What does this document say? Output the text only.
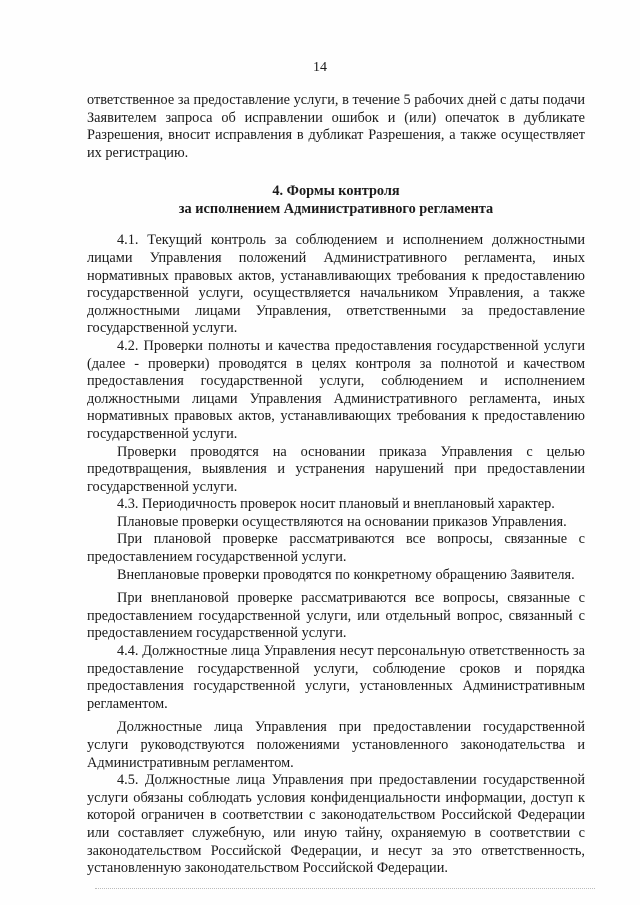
14

ответственное за предоставление услуги, в течение 5 рабочих дней с даты подачи Заявителем запроса об исправлении ошибок и (или) опечаток в дубликате Разрешения, вносит исправления в дубликат Разрешения, а также осуществляет их регистрацию.

4. Формы контроля
за исполнением Административного регламента

4.1. Текущий контроль за соблюдением и исполнением должностными лицами Управления положений Административного регламента, иных нормативных правовых актов, устанавливающих требования к предоставлению государственной услуги, осуществляется начальником Управления, а также должностными лицами Управления, ответственными за предоставление государственной услуги.

4.2. Проверки полноты и качества предоставления государственной услуги (далее - проверки) проводятся в целях контроля за полнотой и качеством предоставления государственной услуги, соблюдением и исполнением должностными лицами Управления Административного регламента, иных нормативных правовых актов, устанавливающих требования к предоставлению государственной услуги.

Проверки проводятся на основании приказа Управления с целью предотвращения, выявления и устранения нарушений при предоставлении государственной услуги.

4.3. Периодичность проверок носит плановый и внеплановый характер.

Плановые проверки осуществляются на основании приказов Управления.

При плановой проверке рассматриваются все вопросы, связанные с предоставлением государственной услуги.

Внеплановые проверки проводятся по конкретному обращению Заявителя.

При внеплановой проверке рассматриваются все вопросы, связанные с предоставлением государственной услуги, или отдельный вопрос, связанный с предоставлением государственной услуги.

4.4. Должностные лица Управления несут персональную ответственность за предоставление государственной услуги, соблюдение сроков и порядка предоставления государственной услуги, установленных Административным регламентом.

Должностные лица Управления при предоставлении государственной услуги руководствуются положениями установленного законодательства и Административным регламентом.

4.5. Должностные лица Управления при предоставлении государственной услуги обязаны соблюдать условия конфиденциальности информации, доступ к которой ограничен в соответствии с законодательством Российской Федерации или составляет служебную, или иную тайну, охраняемую в соответствии с законодательством Российской Федерации, и несут за это ответственность, установленную законодательством Российской Федерации.
